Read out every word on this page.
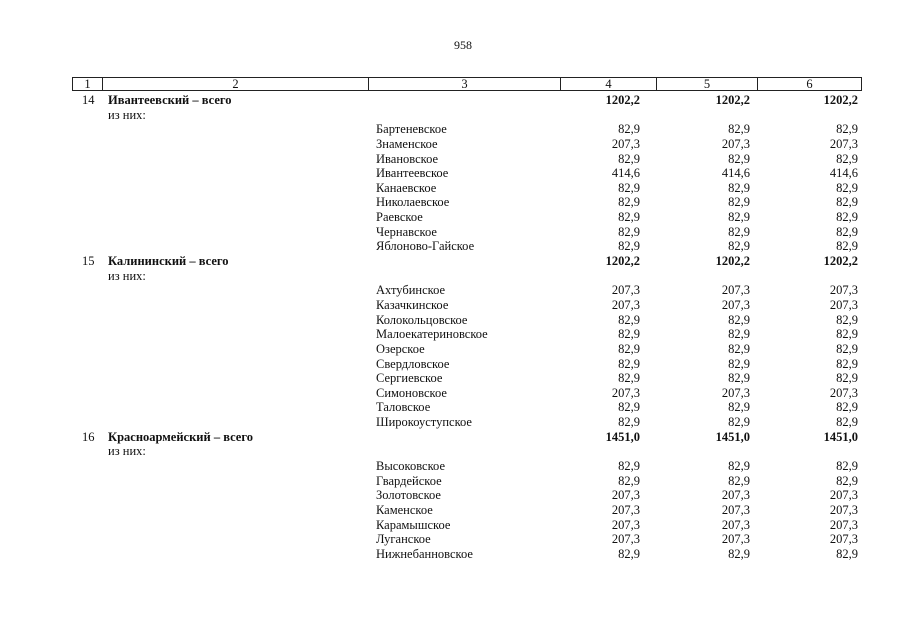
958
1	2	3	4	5	6
14 Ивантеевский – всего	1202,2	1202,2	1202,2
из них:
Бартеневское	82,9	82,9	82,9
Знаменское	207,3	207,3	207,3
Ивановское	82,9	82,9	82,9
Ивантеевское	414,6	414,6	414,6
Канаевское	82,9	82,9	82,9
Николаевское	82,9	82,9	82,9
Раевское	82,9	82,9	82,9
Чернавское	82,9	82,9	82,9
Яблоново-Гайское	82,9	82,9	82,9
15 Калининский – всего	1202,2	1202,2	1202,2
из них:
Ахтубинское	207,3	207,3	207,3
Казачкинское	207,3	207,3	207,3
Колокольцовское	82,9	82,9	82,9
Малоекатериновское	82,9	82,9	82,9
Озерское	82,9	82,9	82,9
Свердловское	82,9	82,9	82,9
Сергиевское	82,9	82,9	82,9
Симоновское	207,3	207,3	207,3
Таловское	82,9	82,9	82,9
Широкоуступское	82,9	82,9	82,9
16 Красноармейский – всего	1451,0	1451,0	1451,0
из них:
Высоковское	82,9	82,9	82,9
Гвардейское	82,9	82,9	82,9
Золотовское	207,3	207,3	207,3
Каменское	207,3	207,3	207,3
Карамышское	207,3	207,3	207,3
Луганское	207,3	207,3	207,3
Нижнебанновское	82,9	82,9	82,9
